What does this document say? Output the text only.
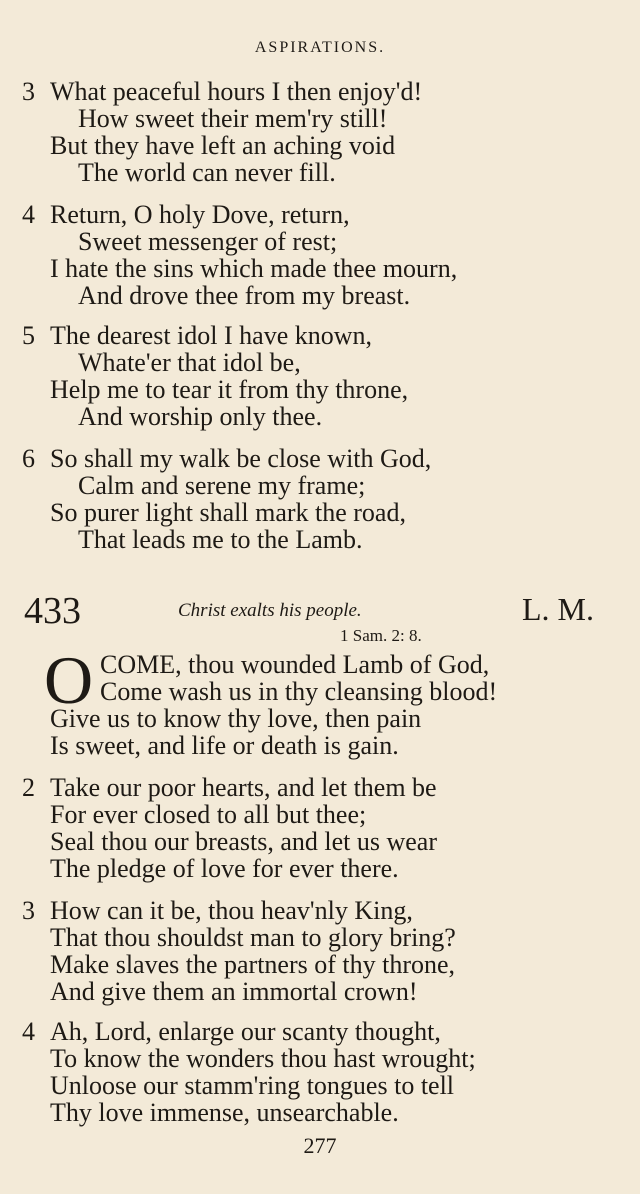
ASPIRATIONS.
3 What peaceful hours I then enjoy'd!
How sweet their mem'ry still!
But they have left an aching void
The world can never fill.
4 Return, O holy Dove, return,
Sweet messenger of rest;
I hate the sins which made thee mourn,
And drove thee from my breast.
5 The dearest idol I have known,
Whate'er that idol be,
Help me to tear it from thy throne,
And worship only thee.
6 So shall my walk be close with God,
Calm and serene my frame;
So purer light shall mark the road,
That leads me to the Lamb.
433	Christ exalts his people.	L. M.
1 Sam. 2: 8.
O COME, thou wounded Lamb of God,
Come wash us in thy cleansing blood!
Give us to know thy love, then pain
Is sweet, and life or death is gain.
2 Take our poor hearts, and let them be
For ever closed to all but thee;
Seal thou our breasts, and let us wear
The pledge of love for ever there.
3 How can it be, thou heav'nly King,
That thou shouldst man to glory bring?
Make slaves the partners of thy throne,
And give them an immortal crown!
4 Ah, Lord, enlarge our scanty thought,
To know the wonders thou hast wrought;
Unloose our stamm'ring tongues to tell
Thy love immense, unsearchable.
277
